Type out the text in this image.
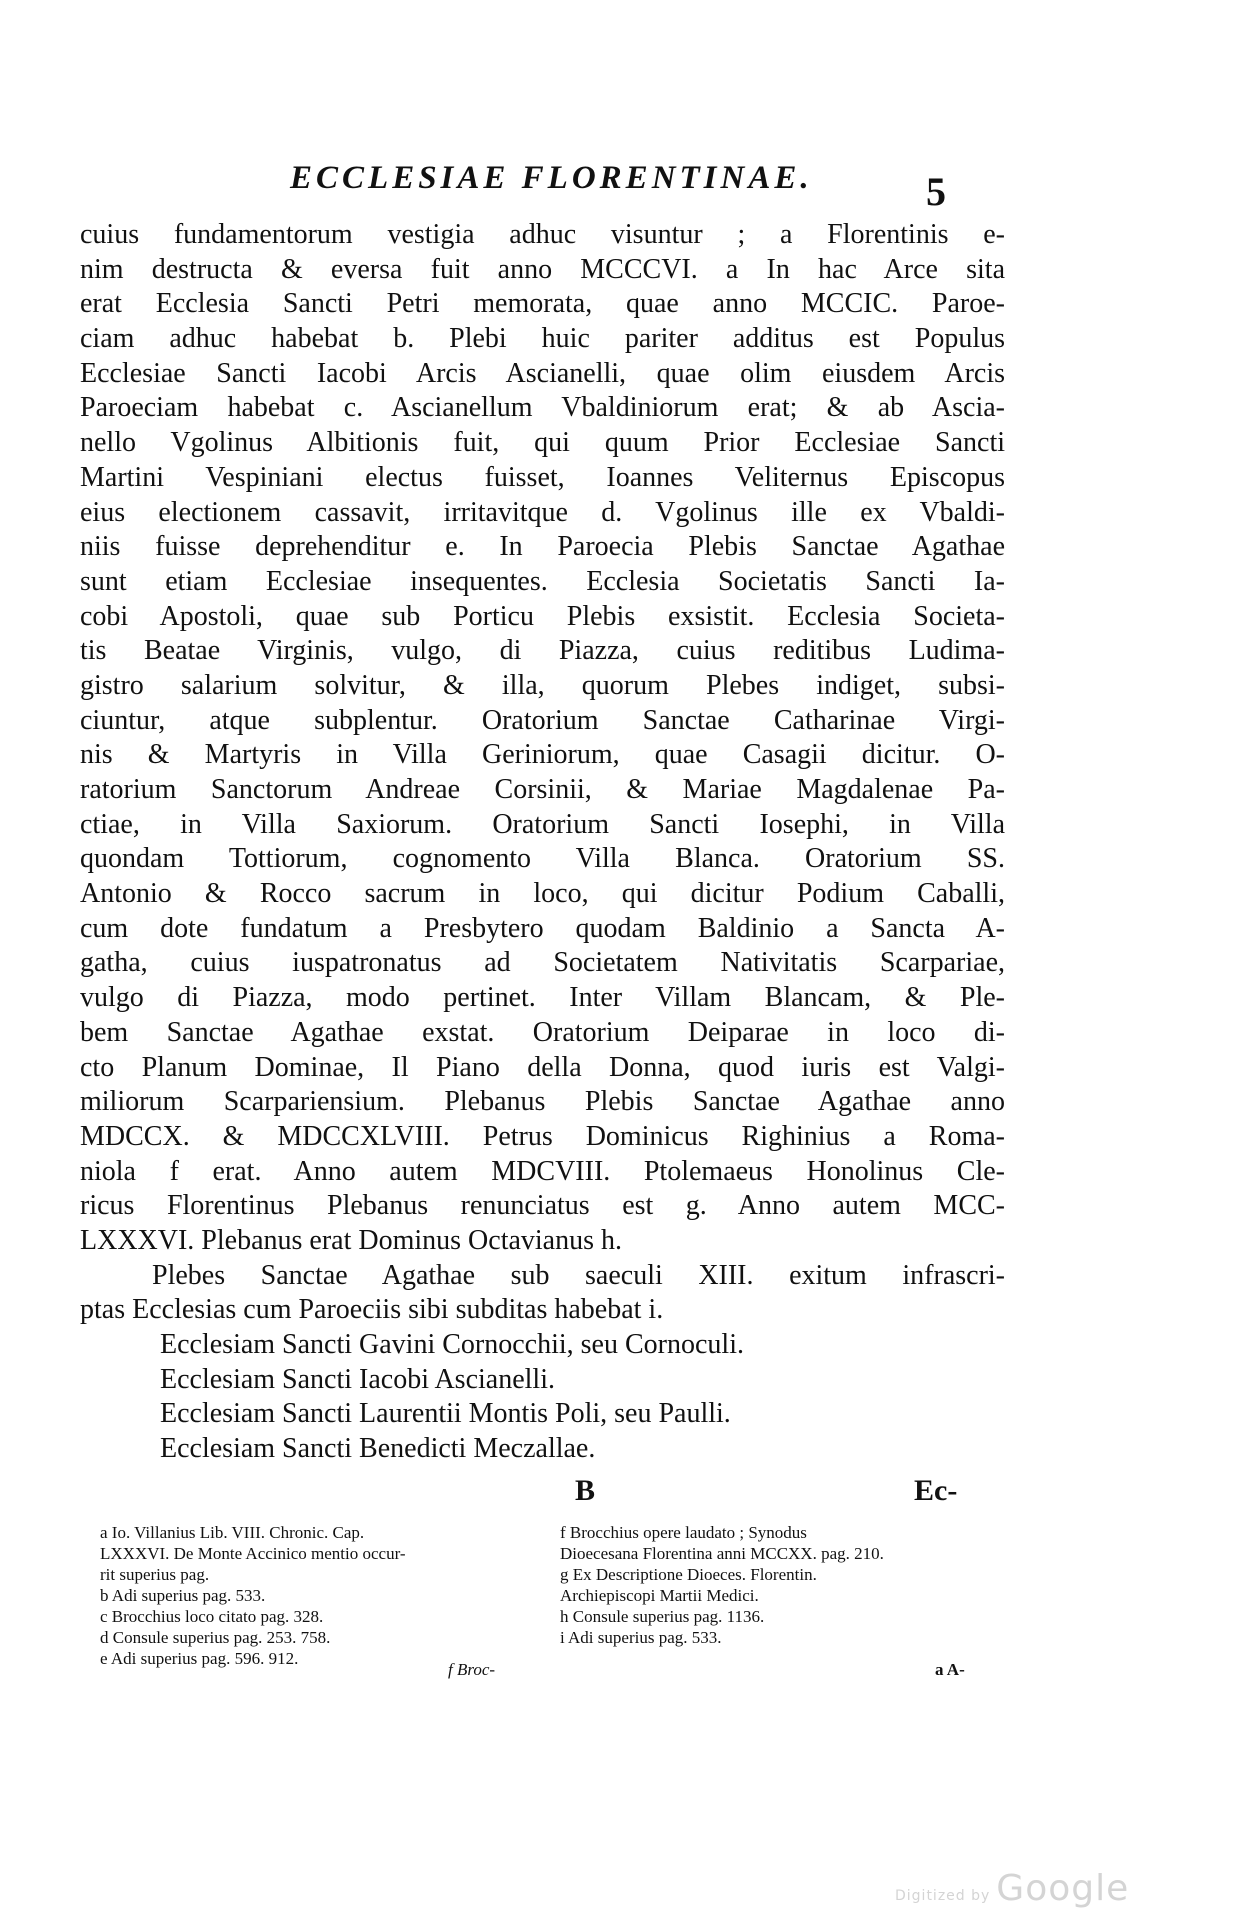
ECCLESIAE FLORENTINAE.	5
cuius fundamentorum vestigia adhuc visuntur ; a Florentinis e-
nim destructa & eversa fuit anno MCCCVI. a In hac Arce sita
erat Ecclesia Sancti Petri memorata, quae anno MCCIC. Paroe-
ciam adhuc habebat b. Plebi huic pariter additus est Populus
Ecclesiae Sancti Iacobi Arcis Ascianelli, quae olim eiusdem Arcis
Paroeciam habebat c. Ascianellum Vbaldiniorum erat; & ab Ascia-
nello Vgolinus Albitionis fuit, qui quum Prior Ecclesiae Sancti
Martini Vespiniani electus fuisset, Ioannes Veliternus Episcopus
eius electionem cassavit, irritavitque d. Vgolinus ille ex Vbaldi-
niis fuisse deprehenditur e. In Paroecia Plebis Sanctae Agathae
sunt etiam Ecclesiae insequentes. Ecclesia Societatis Sancti Ia-
cobi Apostoli, quae sub Porticu Plebis exsistit. Ecclesia Societa-
tis Beatae Virginis, vulgo, di Piazza, cuius reditibus Ludima-
gistro salarium solvitur, & illa, quorum Plebes indiget, subsi-
ciuntur, atque subplentur. Oratorium Sanctae Catharinae Virgi-
nis & Martyris in Villa Geriniorum, quae Casagii dicitur. O-
ratorium Sanctorum Andreae Corsinii, & Mariae Magdalenae Pa-
ctiae, in Villa Saxiorum. Oratorium Sancti Iosephi, in Villa
quondam Tottiorum, cognomento Villa Blanca. Oratorium SS.
Antonio & Rocco sacrum in loco, qui dicitur Podium Caballi,
cum dote fundatum a Presbytero quodam Baldinio a Sancta A-
gatha, cuius iuspatronatus ad Societatem Nativitatis Scarpariae,
vulgo di Piazza, modo pertinet. Inter Villam Blancam, & Ple-
bem Sanctae Agathae exstat. Oratorium Deiparae in loco di-
cto Planum Dominae, Il Piano della Donna, quod iuris est Valgi-
miliorum Scarpariensium. Plebanus Plebis Sanctae Agathae anno
MDCCX. & MDCCXLVIII. Petrus Dominicus Righinius a Roma-
niola f erat. Anno autem MDCVIII. Ptolemaeus Honolinus Cle-
ricus Florentinus Plebanus renunciatus est g. Anno autem MCC-
LXXXVI. Plebanus erat Dominus Octavianus h.
Plebes Sanctae Agathae sub saeculi XIII. exitum infrascri-
ptas Ecclesias cum Paroeciis sibi subditas habebat i.
Ecclesiam Sancti Gavini Cornocchii, seu Cornoculi.
Ecclesiam Sancti Iacobi Ascianelli.
Ecclesiam Sancti Laurentii Montis Poli, seu Paulli.
Ecclesiam Sancti Benedicti Meczallae.
B	Ec-
a Io. Villanius Lib. VIII. Chronic. Cap.
LXXXVI. De Monte Accinico mentio occur-
rit superius pag.
b Adi superius pag. 533.
c Brocchius loco citato pag. 328.
d Consule superius pag. 253. 758.
e Adi superius pag. 596. 912.
f Brocchius opere laudato ; Synodus
Dioecesana Florentina anni MCCXX. pag. 210.
g Ex Descriptione Dioeces. Florentin.
Archiepiscopi Martii Medici.
h Consule superius pag. 1136.
i Adi superius pag. 533.
f Broc-	a A-
Digitized by Google
